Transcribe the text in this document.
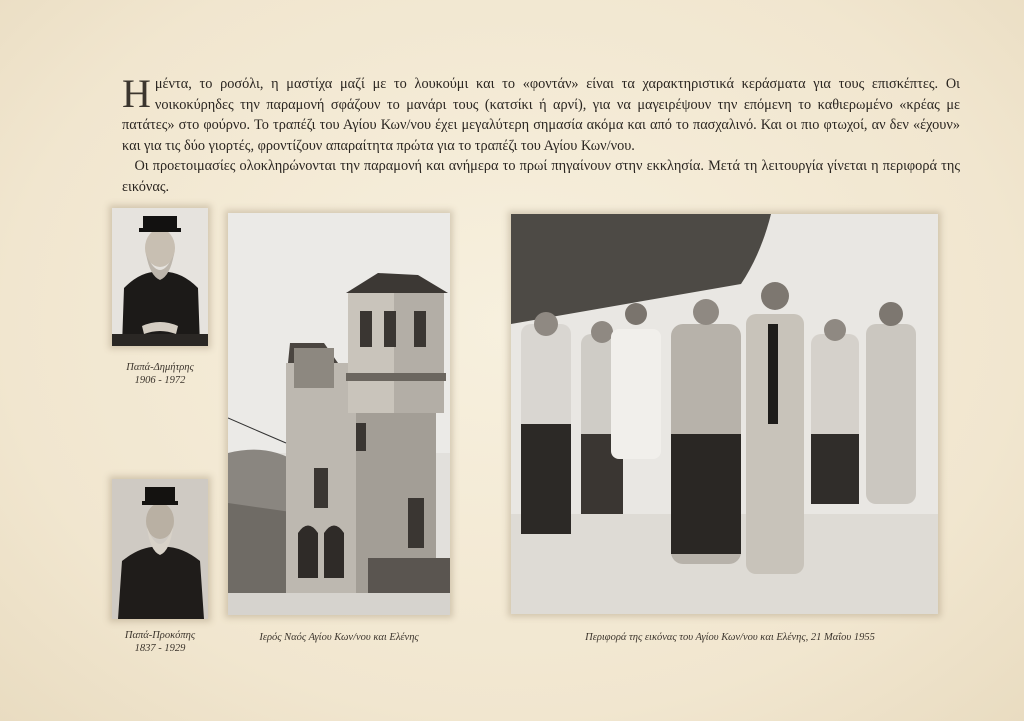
Ημέντα, το ροσόλι, η μαστίχα μαζί με το λουκούμι και το «φοντάν» είναι τα χαρακτηριστικά κεράσματα για τους επισκέπτες. Οι νοικοκύρηδες την παραμονή σφάζουν το μανάρι τους (κατσίκι ή αρνί), για να μαγειρέψουν την επόμενη το καθιερωμένο «κρέας με πατάτες» στο φούρνο. Το τραπέζι του Αγίου Κων/νου έχει μεγαλύτερη σημασία ακόμα και από το πασχαλινό. Και οι πιο φτωχοί, αν δεν «έχουν» και για τις δύο γιορτές, φροντίζουν απαραίτητα πρώτα για το τραπέζι του Αγίου Κων/νου.

Οι προετοιμασίες ολοκληρώνονται την παραμονή και ανήμερα το πρωί πηγαίνουν στην εκκλησία. Μετά τη λειτουργία γίνεται η περιφορά της εικόνας.

Παπά-Δημήτρης
1906 - 1972
Παπά-Προκόπης
1837 - 1929
Ιερός Ναός Αγίου Κων/νου και Ελένης	Περιφορά της εικόνας του Αγίου Κων/νου και Ελένης, 21 Μαΐου 1955
